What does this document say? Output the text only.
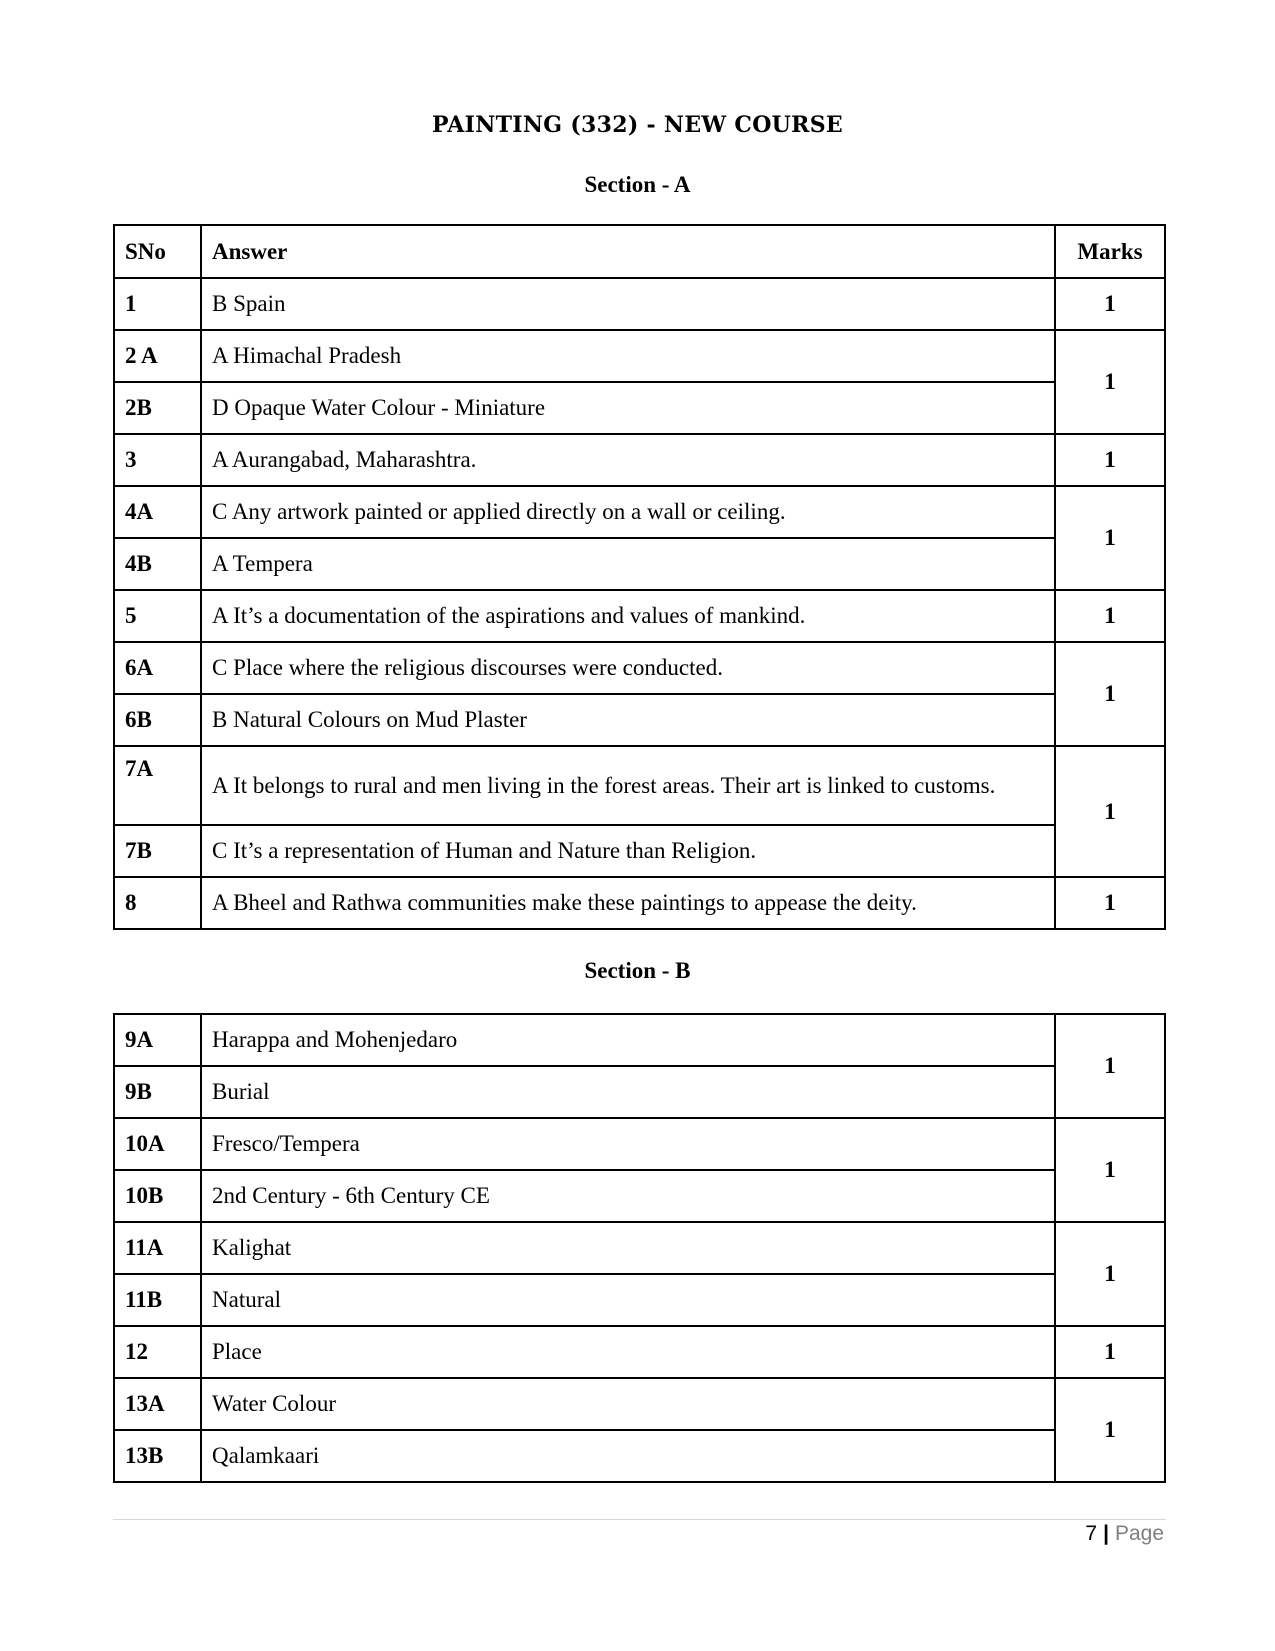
PAINTING (332) - NEW COURSE
Section - A
SNo	Answer	Marks
1	B Spain	1
2 A	A Himachal Pradesh	1
2B	D Opaque Water Colour - Miniature	
3	A Aurangabad, Maharashtra.	1
4A	C Any artwork painted or applied directly on a wall or ceiling.	1
4B	A Tempera	
5	A It’s a documentation of the aspirations and values of mankind.	1
6A	C Place where the religious discourses were conducted.	1
6B	B Natural Colours on Mud Plaster	
7A	A It belongs to rural and men living in the forest areas. Their art is linked to customs.	1
7B	C It’s a representation of Human and Nature than Religion.	
8	A Bheel and Rathwa communities make these paintings to appease the deity.	1
Section - B
9A	Harappa and Mohenjedaro	1
9B	Burial	
10A	Fresco/Tempera	1
10B	2nd Century - 6th Century CE	
11A	Kalighat	1
11B	Natural	
12	Place	1
13A	Water Colour	1
13B	Qalamkaari	
7 | Page
